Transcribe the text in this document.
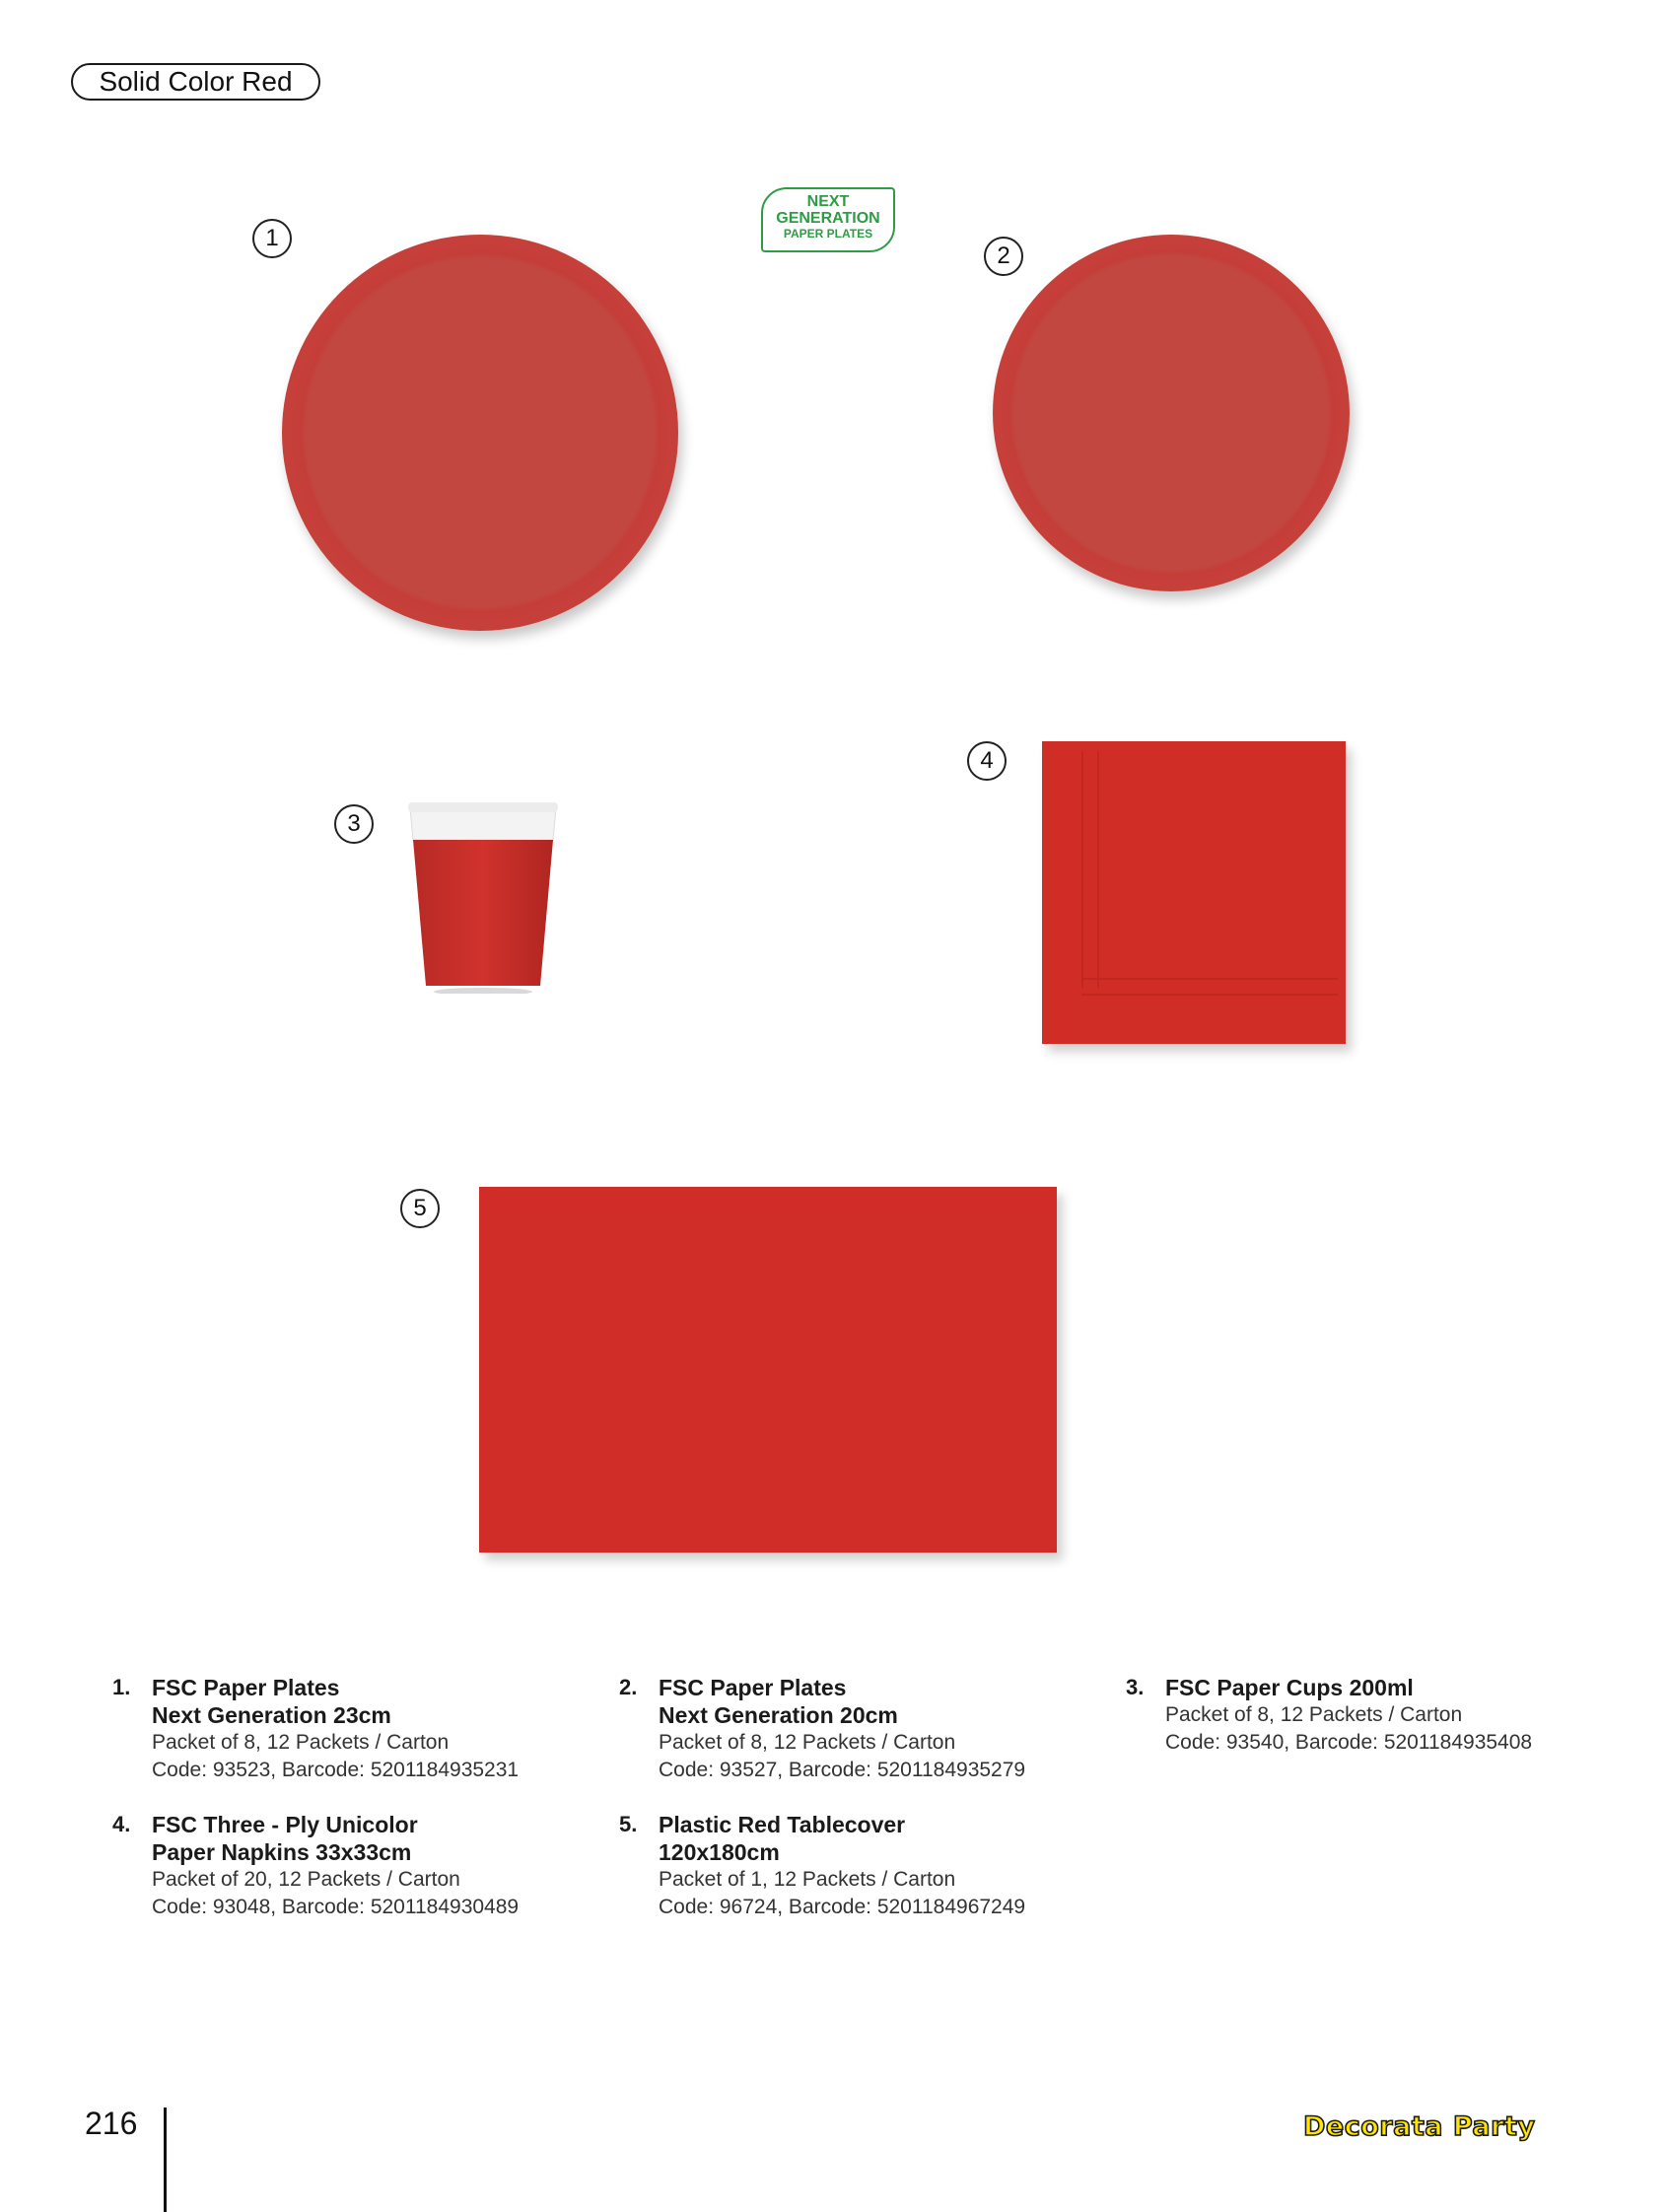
Solid Color Red
NEXT
GENERATION
PAPER PLATES
1
2
3
4
5
1. FSC Paper Plates
Next Generation 23cm
Packet of 8, 12 Packets / Carton
Code: 93523, Barcode: 5201184935231
2. FSC Paper Plates
Next Generation 20cm
Packet of 8, 12 Packets / Carton
Code: 93527, Barcode: 5201184935279
3. FSC Paper Cups 200ml
Packet of 8, 12 Packets / Carton
Code: 93540, Barcode: 5201184935408
4. FSC Three - Ply Unicolor
Paper Napkins 33x33cm
Packet of 20, 12 Packets / Carton
Code: 93048, Barcode: 5201184930489
5. Plastic Red Tablecover
120x180cm
Packet of 1, 12 Packets / Carton
Code: 96724, Barcode: 5201184967249
216	Decorata Party
